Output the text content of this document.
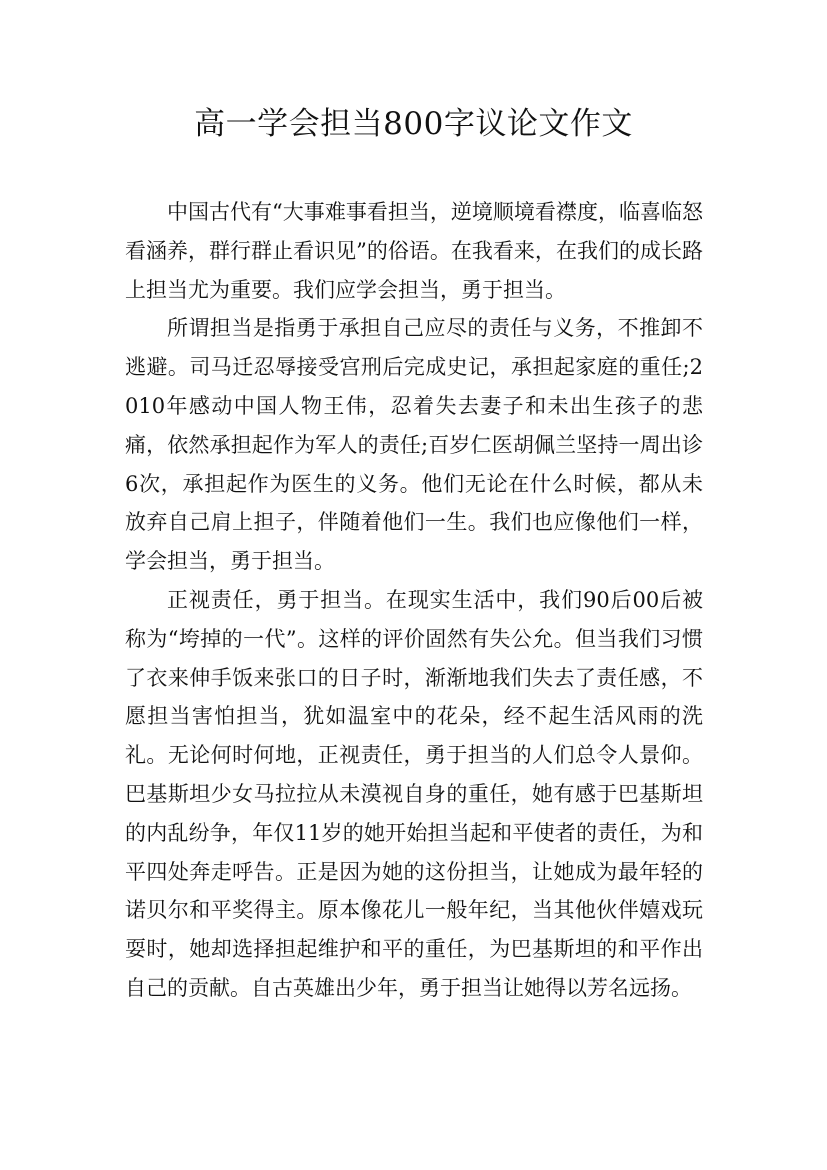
高一学会担当800字议论文作文

中国古代有“大事难事看担当，逆境顺境看襟度，临喜临怒看涵养，群行群止看识见”的俗语。在我看来，在我们的成长路上担当尤为重要。我们应学会担当，勇于担当。

所谓担当是指勇于承担自己应尽的责任与义务，不推卸不逃避。司马迁忍辱接受宫刑后完成史记，承担起家庭的重任;2010年感动中国人物王伟，忍着失去妻子和未出生孩子的悲痛，依然承担起作为军人的责任;百岁仁医胡佩兰坚持一周出诊6次，承担起作为医生的义务。他们无论在什么时候，都从未放弃自己肩上担子，伴随着他们一生。我们也应像他们一样，学会担当，勇于担当。

正视责任，勇于担当。在现实生活中，我们90后00后被称为“垮掉的一代”。这样的评价固然有失公允。但当我们习惯了衣来伸手饭来张口的日子时，渐渐地我们失去了责任感，不愿担当害怕担当，犹如温室中的花朵，经不起生活风雨的洗礼。无论何时何地，正视责任，勇于担当的人们总令人景仰。巴基斯坦少女马拉拉从未漠视自身的重任，她有感于巴基斯坦的内乱纷争，年仅11岁的她开始担当起和平使者的责任，为和平四处奔走呼告。正是因为她的这份担当，让她成为最年轻的诺贝尔和平奖得主。原本像花儿一般年纪，当其他伙伴嬉戏玩耍时，她却选择担起维护和平的重任，为巴基斯坦的和平作出自己的贡献。自古英雄出少年，勇于担当让她得以芳名远扬。
